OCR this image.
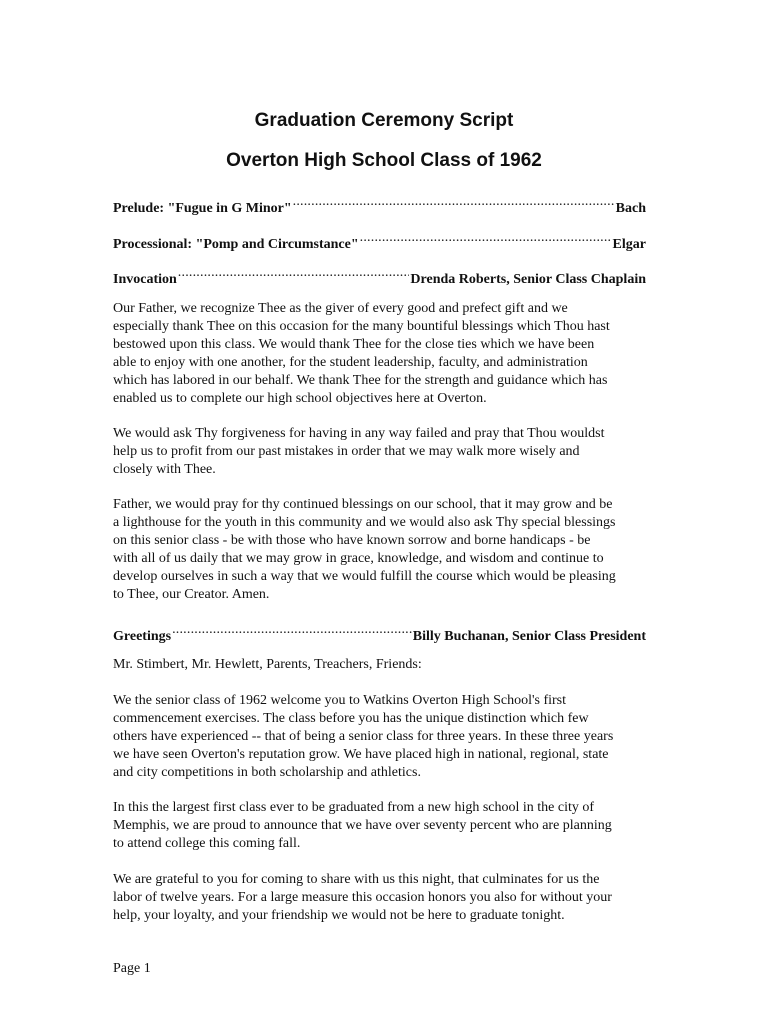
Graduation Ceremony Script
Overton High School Class of 1962
Prelude: "Fugue in G Minor" .....	Bach
Processional: "Pomp and Circumstance" .....	Elgar
Invocation .....	Drenda Roberts, Senior Class Chaplain

Our Father, we recognize Thee as the giver of every good and prefect gift and we
especially thank Thee on this occasion for the many bountiful blessings which Thou hast
bestowed upon this class. We would thank Thee for the close ties which we have been
able to enjoy with one another, for the student leadership, faculty, and administration
which has labored in our behalf. We thank Thee for the strength and guidance which has
enabled us to complete our high school objectives here at Overton.

We would ask Thy forgiveness for having in any way failed and pray that Thou wouldst
help us to profit from our past mistakes in order that we may walk more wisely and
closely with Thee.

Father, we would pray for thy continued blessings on our school, that it may grow and be
a lighthouse for the youth in this community and we would also ask Thy special blessings
on this senior class - be with those who have known sorrow and borne handicaps - be
with all of us daily that we may grow in grace, knowledge, and wisdom and continue to
develop ourselves in such a way that we would fulfill the course which would be pleasing
to Thee, our Creator. Amen.

Greetings .....	Billy Buchanan, Senior Class President

Mr. Stimbert, Mr. Hewlett, Parents, Treachers, Friends:

We the senior class of 1962 welcome you to Watkins Overton High School's first
commencement exercises. The class before you has the unique distinction which few
others have experienced -- that of being a senior class for three years. In these three years
we have seen Overton's reputation grow. We have placed high in national, regional, state
and city competitions in both scholarship and athletics.

In this the largest first class ever to be graduated from a new high school in the city of
Memphis, we are proud to announce that we have over seventy percent who are planning
to attend college this coming fall.

We are grateful to you for coming to share with us this night, that culminates for us the
labor of twelve years. For a large measure this occasion honors you also for without your
help, your loyalty, and your friendship we would not be here to graduate tonight.

Page 1
